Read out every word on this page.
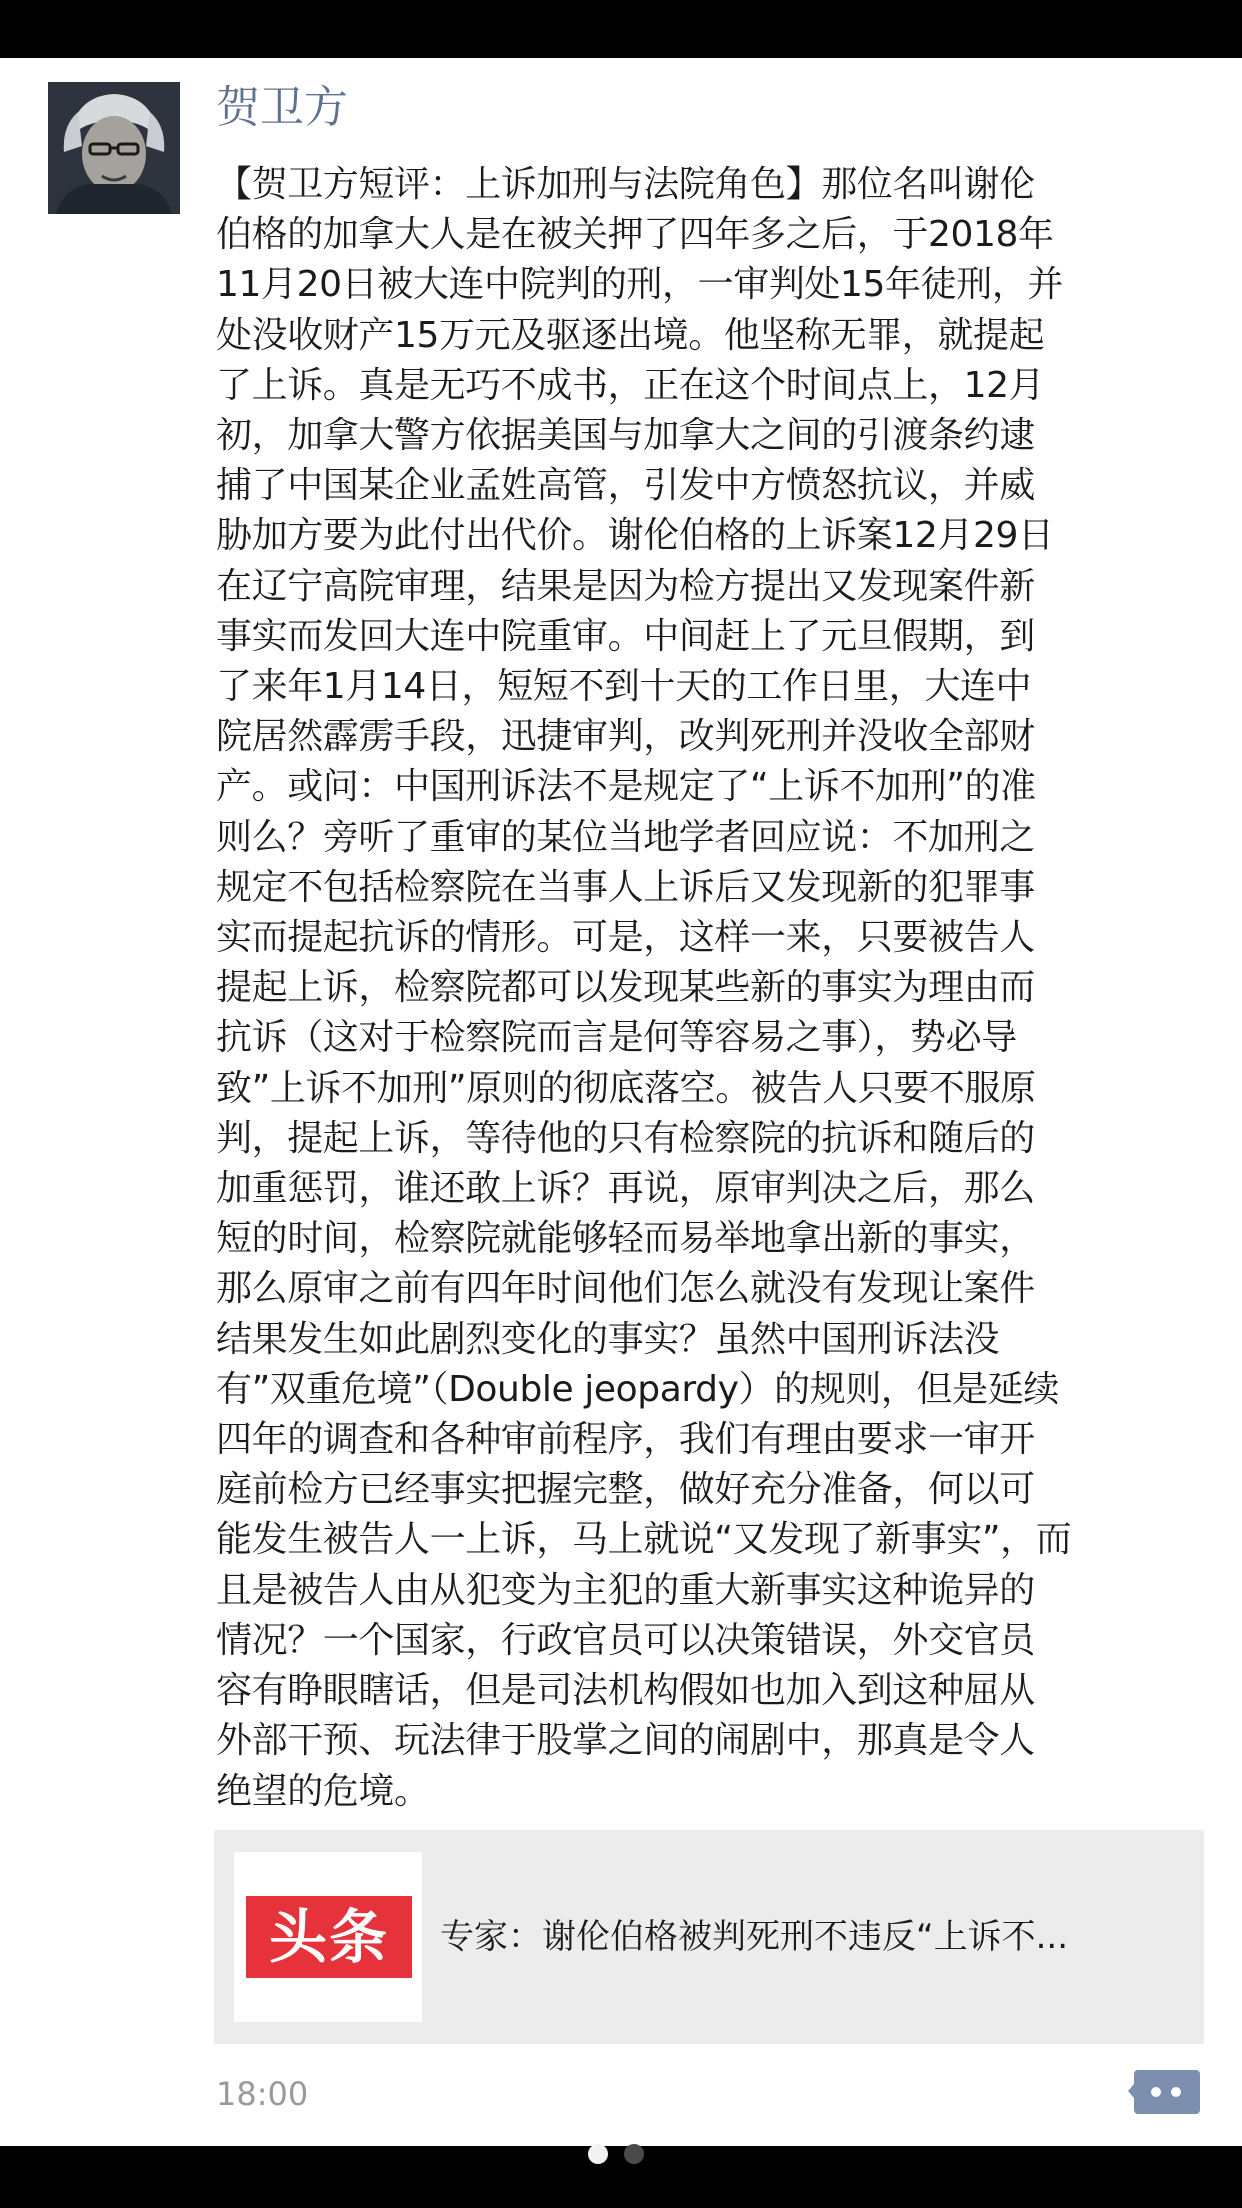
贺卫方
【贺卫方短评：上诉加刑与法院角色】那位名叫谢伦
伯格的加拿大人是在被关押了四年多之后，于2018年
11月20日被大连中院判的刑，一审判处15年徒刑，并
处没收财产15万元及驱逐出境。他坚称无罪，就提起
了上诉。真是无巧不成书，正在这个时间点上，12月
初，加拿大警方依据美国与加拿大之间的引渡条约逮
捕了中国某企业孟姓高管，引发中方愤怒抗议，并威
胁加方要为此付出代价。谢伦伯格的上诉案12月29日
在辽宁高院审理，结果是因为检方提出又发现案件新
事实而发回大连中院重审。中间赶上了元旦假期，到
了来年1月14日，短短不到十天的工作日里，大连中
院居然霹雳手段，迅捷审判，改判死刑并没收全部财
产。或问：中国刑诉法不是规定了“上诉不加刑”的准
则么？旁听了重审的某位当地学者回应说：不加刑之
规定不包括检察院在当事人上诉后又发现新的犯罪事
实而提起抗诉的情形。可是，这样一来，只要被告人
提起上诉，检察院都可以发现某些新的事实为理由而
抗诉（这对于检察院而言是何等容易之事），势必导
致”上诉不加刑”原则的彻底落空。被告人只要不服原
判，提起上诉，等待他的只有检察院的抗诉和随后的
加重惩罚，谁还敢上诉？再说，原审判决之后，那么
短的时间，检察院就能够轻而易举地拿出新的事实，
那么原审之前有四年时间他们怎么就没有发现让案件
结果发生如此剧烈变化的事实？虽然中国刑诉法没
有”双重危境”（Double jeopardy）的规则，但是延续
四年的调查和各种审前程序，我们有理由要求一审开
庭前检方已经事实把握完整，做好充分准备，何以可
能发生被告人一上诉，马上就说“又发现了新事实”，而
且是被告人由从犯变为主犯的重大新事实这种诡异的
情况？一个国家，行政官员可以决策错误，外交官员
容有睁眼瞎话，但是司法机构假如也加入到这种屈从
外部干预、玩法律于股掌之间的闹剧中，那真是令人
绝望的危境。
头条	专家：谢伦伯格被判死刑不违反“上诉不...
18:00
